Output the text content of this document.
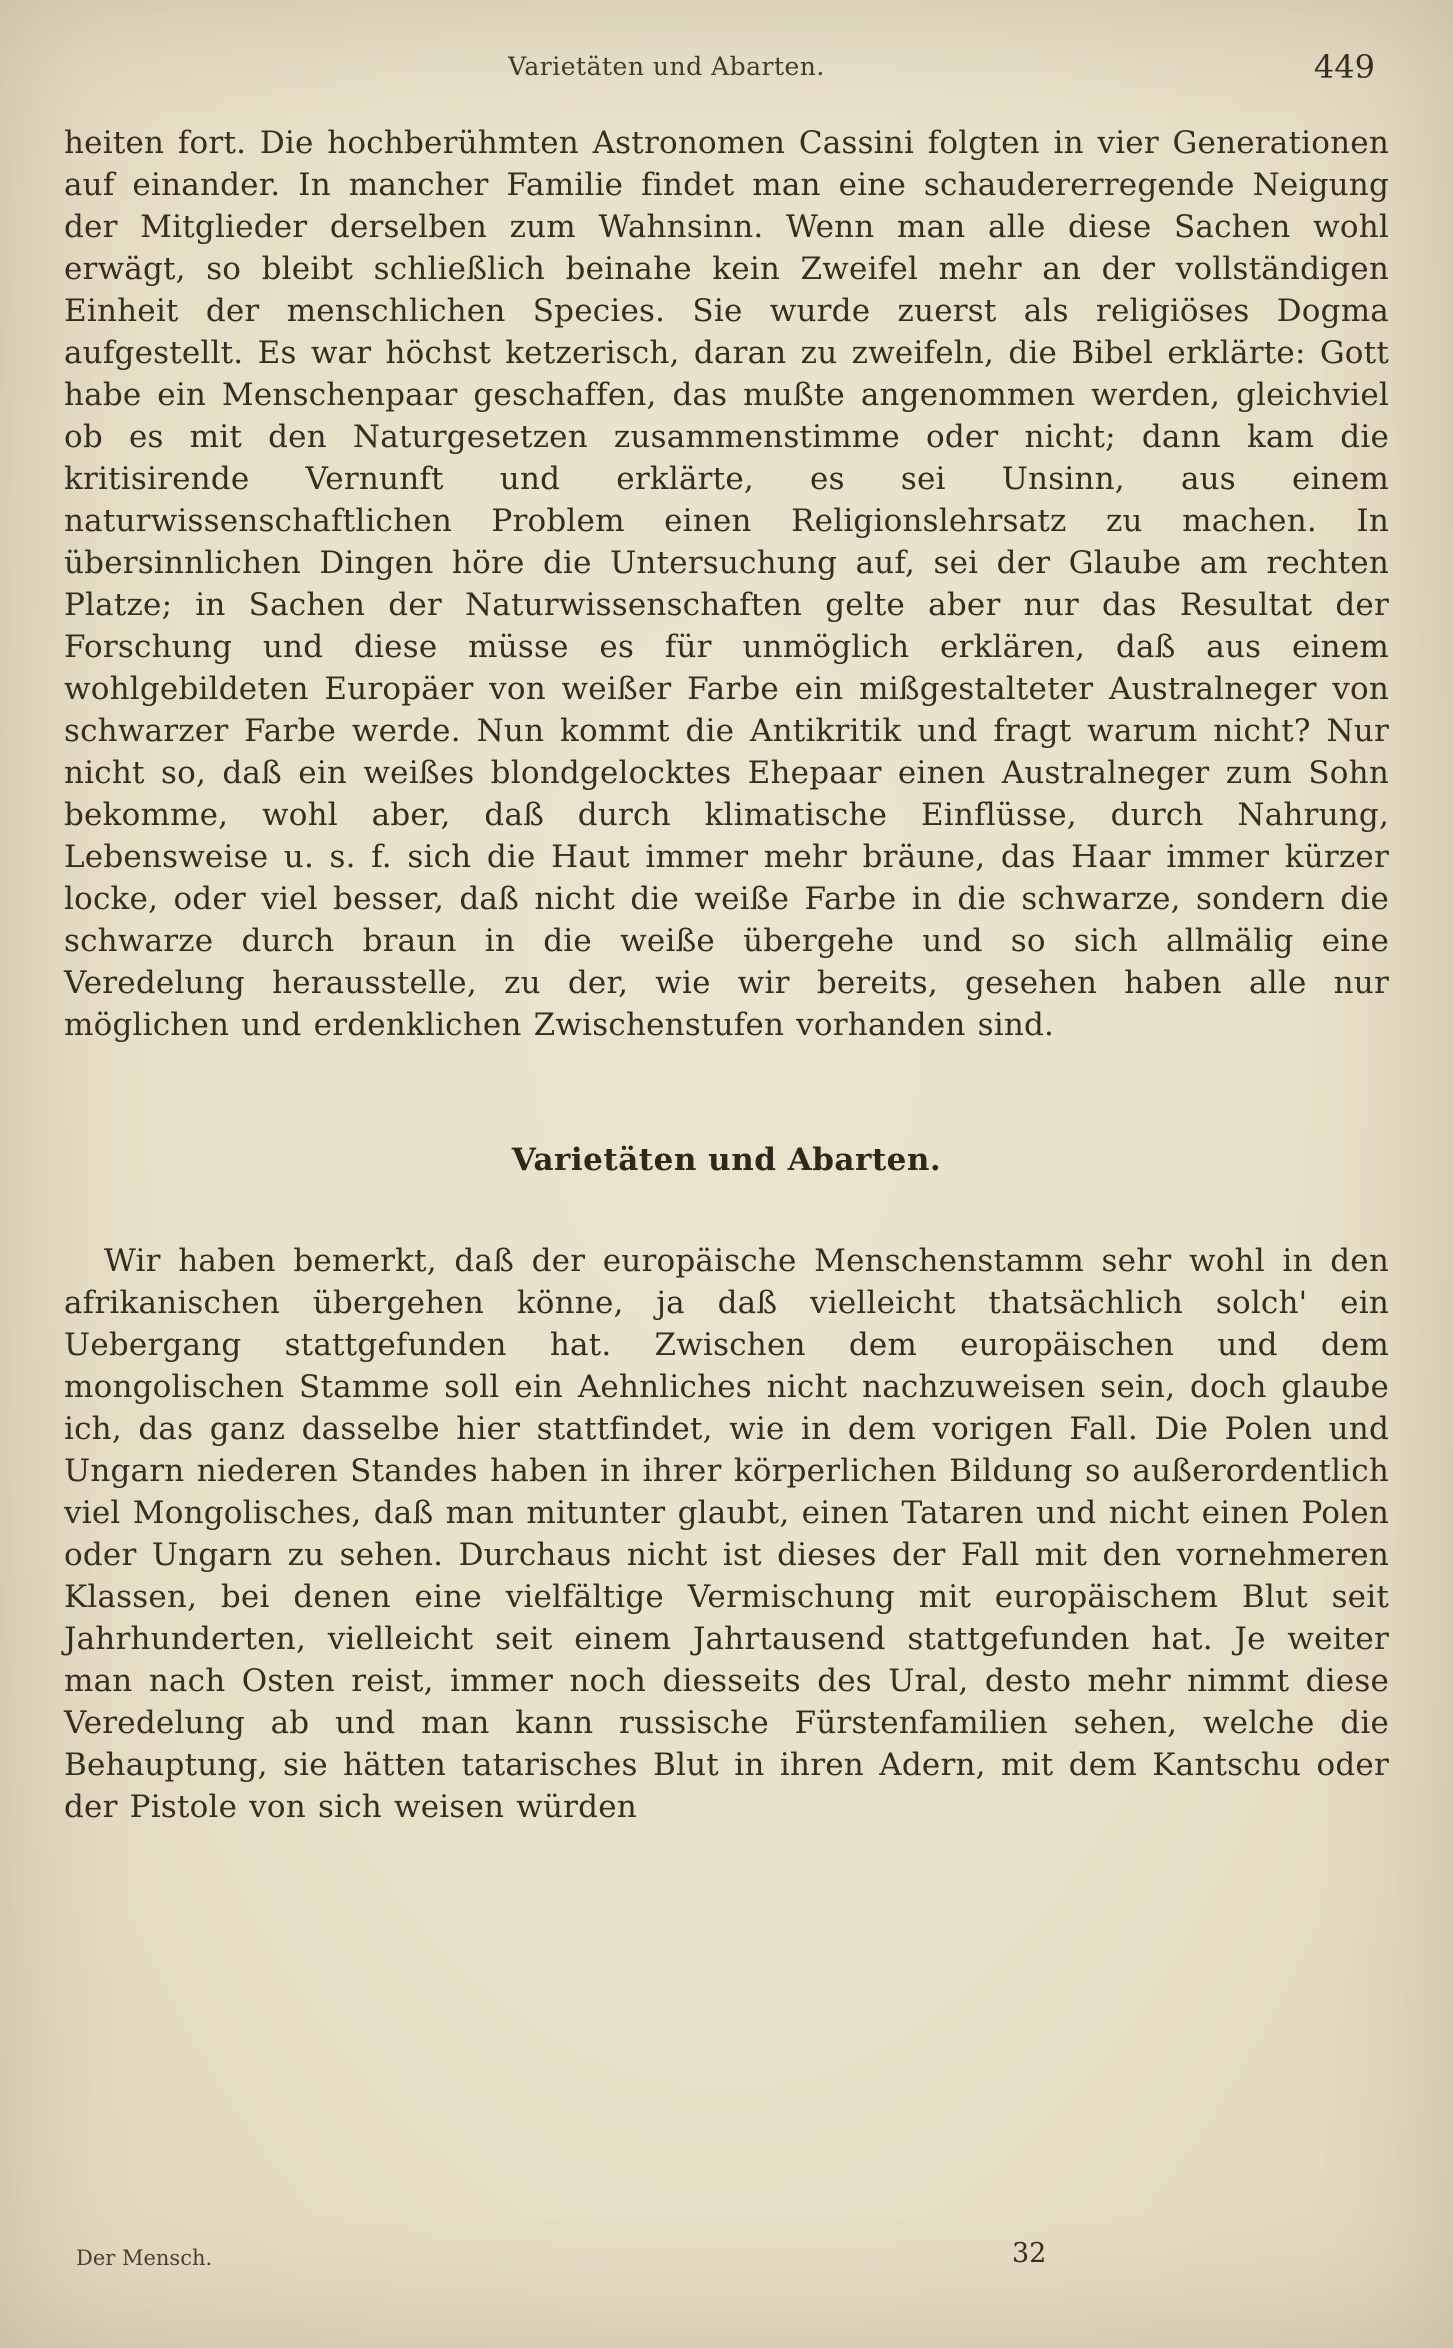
Varietäten und Abarten.	449

heiten fort. Die hochberühmten Astronomen Cassini folgten in vier Generationen auf einander. In mancher Familie findet man eine schaudererregende Neigung der Mitglieder derselben zum Wahnsinn. Wenn man alle diese Sachen wohl erwägt, so bleibt schließlich beinahe kein Zweifel mehr an der vollständigen Einheit der menschlichen Species. Sie wurde zuerst als religiöses Dogma aufgestellt. Es war höchst ketzerisch, daran zu zweifeln, die Bibel erklärte: Gott habe ein Menschenpaar geschaffen, das mußte angenommen werden, gleichviel ob es mit den Naturgesetzen zusammenstimme oder nicht; dann kam die kritisirende Vernunft und erklärte, es sei Unsinn, aus einem naturwissenschaftlichen Problem einen Religionslehrsatz zu machen. In übersinnlichen Dingen höre die Untersuchung auf, sei der Glaube am rechten Platze; in Sachen der Naturwissenschaften gelte aber nur das Resultat der Forschung und diese müsse es für unmöglich erklären, daß aus einem wohlgebildeten Europäer von weißer Farbe ein mißgestalteter Australneger von schwarzer Farbe werde. Nun kommt die Antikritik und fragt warum nicht? Nur nicht so, daß ein weißes blondgelocktes Ehepaar einen Australneger zum Sohn bekomme, wohl aber, daß durch klimatische Einflüsse, durch Nahrung, Lebensweise u. s. f. sich die Haut immer mehr bräune, das Haar immer kürzer locke, oder viel besser, daß nicht die weiße Farbe in die schwarze, sondern die schwarze durch braun in die weiße übergehe und so sich allmälig eine Veredelung herausstelle, zu der, wie wir bereits, gesehen haben alle nur möglichen und erdenklichen Zwischenstufen vorhanden sind.

Varietäten und Abarten.

Wir haben bemerkt, daß der europäische Menschenstamm sehr wohl in den afrikanischen übergehen könne, ja daß vielleicht thatsächlich solch' ein Uebergang stattgefunden hat. Zwischen dem europäischen und dem mongolischen Stamme soll ein Aehnliches nicht nachzuweisen sein, doch glaube ich, das ganz dasselbe hier stattfindet, wie in dem vorigen Fall. Die Polen und Ungarn niederen Standes haben in ihrer körperlichen Bildung so außerordentlich viel Mongolisches, daß man mitunter glaubt, einen Tataren und nicht einen Polen oder Ungarn zu sehen. Durchaus nicht ist dieses der Fall mit den vornehmeren Klassen, bei denen eine vielfältige Vermischung mit europäischem Blut seit Jahrhunderten, vielleicht seit einem Jahrtausend stattgefunden hat. Je weiter man nach Osten reist, immer noch diesseits des Ural, desto mehr nimmt diese Veredelung ab und man kann russische Fürstenfamilien sehen, welche die Behauptung, sie hätten tatarisches Blut in ihren Adern, mit dem Kantschu oder der Pistole von sich weisen würden

Der Mensch.	32
